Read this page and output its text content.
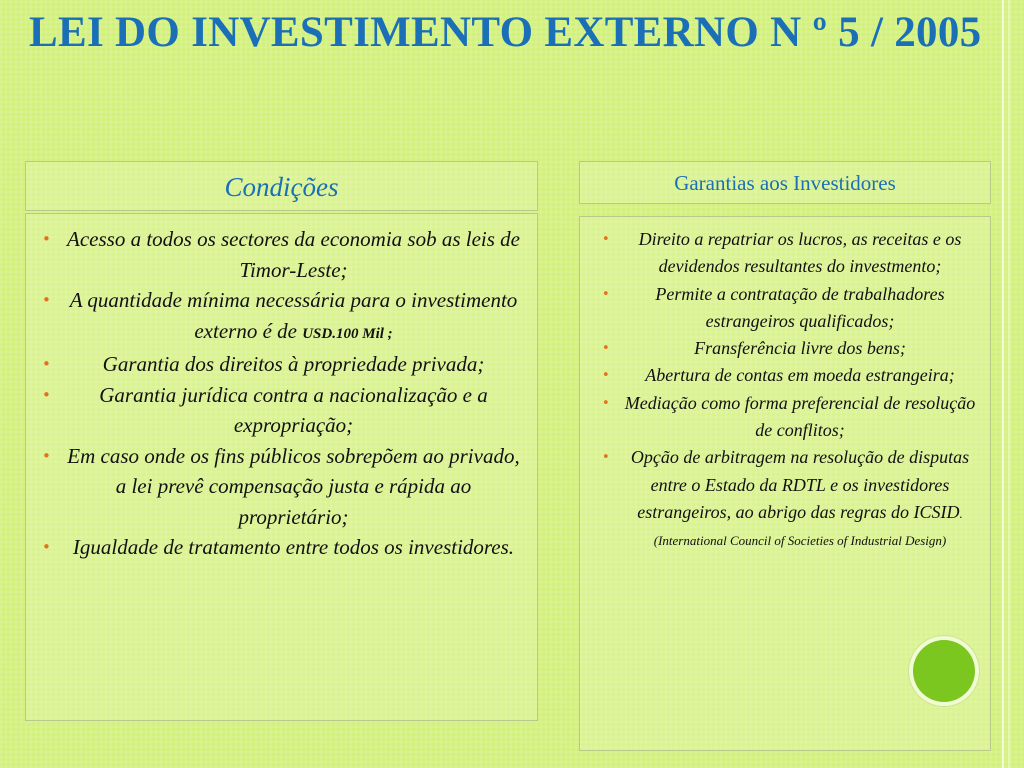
LEI DO INVESTIMENTO EXTERNO N º 5 / 2005
Condições
• Acesso a todos os sectores da economia sob as leis de Timor-Leste;
• A quantidade mínima necessária para o investimento externo é de USD.100 Mil ;
• Garantia dos direitos à propriedade privada;
• Garantia jurídica contra a nacionalização e a expropriação;
• Em caso onde os fins públicos sobrepõem ao privado, a lei prevê compensação justa e rápida ao proprietário;
• Igualdade de tratamento entre todos os investidores.
Garantias aos Investidores
• Direito a repatriar os lucros, as receitas e os devidendos resultantes do investmento;
•	Permite a contratação de trabalhadores estrangeiros qualificados;
•	Fransferência livre dos bens;
• Abertura de contas em moeda estrangeira;
• Mediação como forma preferencial de resolução de conflitos;
• Opção de arbitragem na resolução de disputas entre o Estado da RDTL e os investidores estrangeiros, ao abrigo das regras do ICSID.(International Council of Societies of Industrial Design)
